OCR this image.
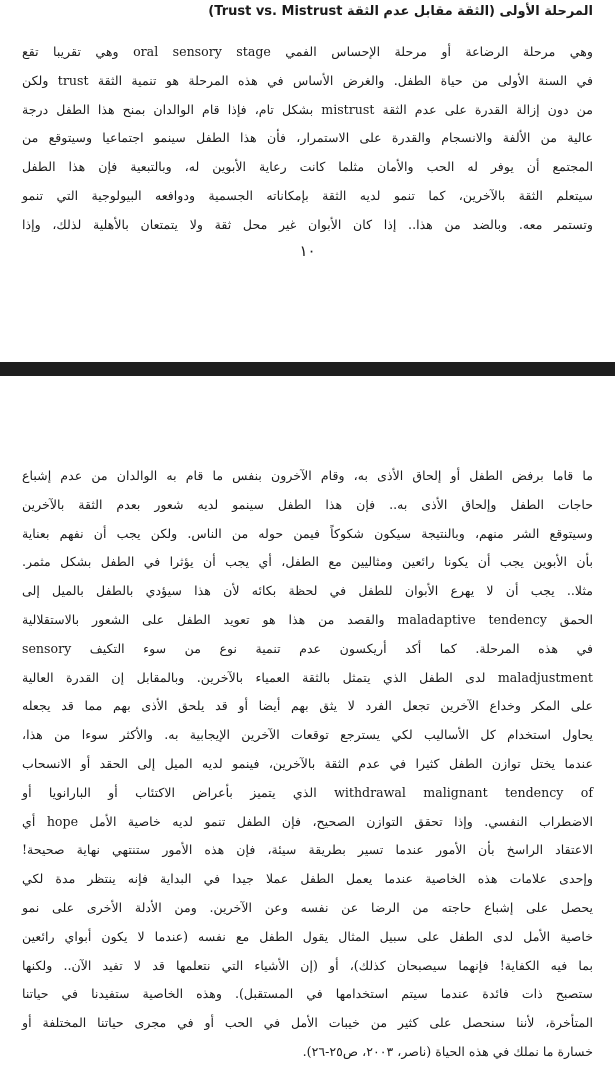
المرحلة الأولى (الثقة مقابل عدم الثقة Trust vs. Mistrust)
وهي مرحلة الرضاعة أو مرحلة الإحساس الفمي oral sensory stage وهي تقريبا تقع
في السنة الأولى من حياة الطفل. والغرض الأساس في هذه المرحلة هو تنمية الثقة trust ولكن
من دون إزالة القدرة على عدم الثقة mistrust بشكل تام، فإذا قام الوالدان بمنح هذا الطفل درجة
عالية من الألفة والانسجام والقدرة على الاستمرار، فأن هذا الطفل سينمو اجتماعيا وسيتوقع من
المجتمع أن يوفر له الحب والأمان مثلما كانت رعاية الأبوين له، وبالتبعية فإن هذا الطفل
سيتعلم الثقة بالآخرين، كما تنمو لديه الثقة بإمكاناته الجسمية ودوافعه البيولوجية التي تنمو
وتستمر معه. وبالضد من هذا.. إذا كان الأبوان غير محل ثقة ولا يتمتعان بالأهلية لذلك، وإذا
١٠
ما قاما برفض الطفل أو إلحاق الأذى به، وقام الآخرون بنفس ما قام به الوالدان من عدم إشباع
حاجات الطفل وإلحاق الأذى به.. فإن هذا الطفل سينمو لديه شعور بعدم الثقة بالآخرين
وسيتوقع الشر منهم، وبالنتيجة سيكون شكوكاً فيمن حوله من الناس. ولكن يجب أن نفهم بعناية
بأن الأبوين يجب أن يكونا رائعين ومثاليين مع الطفل، أي يجب أن يؤثرا في الطفل بشكل مثمر.
مثلا.. يجب أن لا يهرع الأبوان للطفل في لحظة بكائه لأن هذا سيؤدي بالطفل بالميل إلى
الحمق maladaptive tendency والقصد من هذا هو تعويد الطفل على الشعور بالاستقلالية
في هذه المرحلة. كما أكد أريكسون عدم تنمية نوع من سوء التكيف sensory
maladjustment لدى الطفل الذي يتمثل بالثقة العمياء بالآخرين. وبالمقابل إن القدرة العالية
على المكر وخداع الآخرين تجعل الفرد لا يثق بهم أيضا أو قد يلحق الأذى بهم مما قد يجعله
يحاول استخدام كل الأساليب لكي يسترجع توقعات الآخرين الإيجابية به. والأكثر سوءا من هذا،
عندما يختل توازن الطفل كثيرا في عدم الثقة بالآخرين، فينمو لديه الميل إلى الحقد أو الانسحاب
withdrawal malignant tendency of الذي يتميز بأعراض الاكتئاب أو البارانويا أو
الاضطراب النفسي. وإذا تحقق التوازن الصحيح، فإن الطفل تنمو لديه خاصية الأمل hope أي
الاعتقاد الراسخ بأن الأمور عندما تسير بطريقة سيئة، فإن هذه الأمور ستنتهي نهاية صحيحة!
وإحدى علامات هذه الخاصية عندما يعمل الطفل عملا جيدا في البداية فإنه ينتظر مدة لكي
يحصل على إشباع حاجته من الرضا عن نفسه وعن الآخرين. ومن الأدلة الأخرى على نمو
خاصية الأمل لدى الطفل على سبيل المثال يقول الطفل مع نفسه (عندما لا يكون أبواي رائعين
بما فيه الكفاية! فإنهما سيصبحان كذلك)، أو (إن الأشياء التي نتعلمها قد لا تفيد الآن.. ولكنها
ستصبح ذات فائدة عندما سيتم استخدامها في المستقبل). وهذه الخاصية ستفيدنا في حياتنا
المتأخرة، لأننا سنحصل على كثير من خيبات الأمل في الحب أو في مجرى حياتنا المختلفة أو
خسارة ما نملك في هذه الحياة (ناصر، ٢٠٠٣، ص٢٥-٢٦).
